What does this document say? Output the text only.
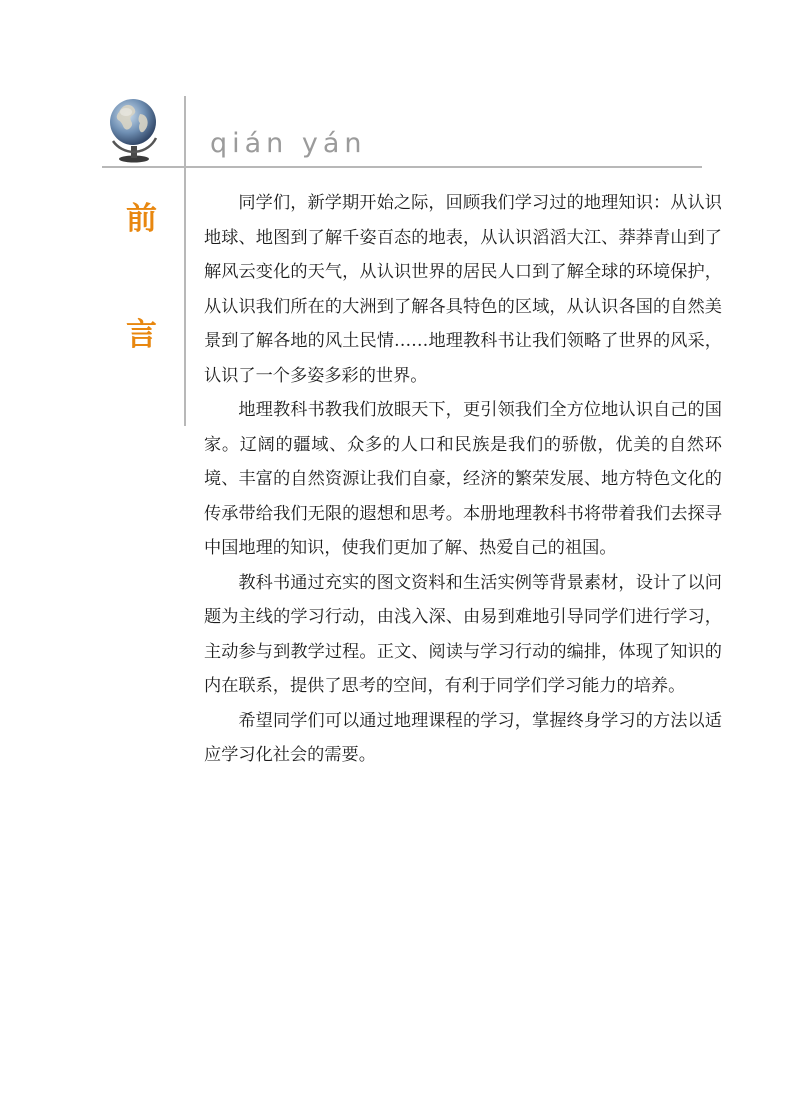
qián yán
前
言

同学们，新学期开始之际，回顾我们学习过的地理知识：从认识地球、地图到了解千姿百态的地表，从认识滔滔大江、莽莽青山到了解风云变化的天气，从认识世界的居民人口到了解全球的环境保护，从认识我们所在的大洲到了解各具特色的区域，从认识各国的自然美景到了解各地的风土民情……地理教科书让我们领略了世界的风采，认识了一个多姿多彩的世界。

地理教科书教我们放眼天下，更引领我们全方位地认识自己的国家。辽阔的疆域、众多的人口和民族是我们的骄傲，优美的自然环境、丰富的自然资源让我们自豪，经济的繁荣发展、地方特色文化的传承带给我们无限的遐想和思考。本册地理教科书将带着我们去探寻中国地理的知识，使我们更加了解、热爱自己的祖国。

教科书通过充实的图文资料和生活实例等背景素材，设计了以问题为主线的学习行动，由浅入深、由易到难地引导同学们进行学习，主动参与到教学过程。正文、阅读与学习行动的编排，体现了知识的内在联系，提供了思考的空间，有利于同学们学习能力的培养。

希望同学们可以通过地理课程的学习，掌握终身学习的方法以适应学习化社会的需要。
